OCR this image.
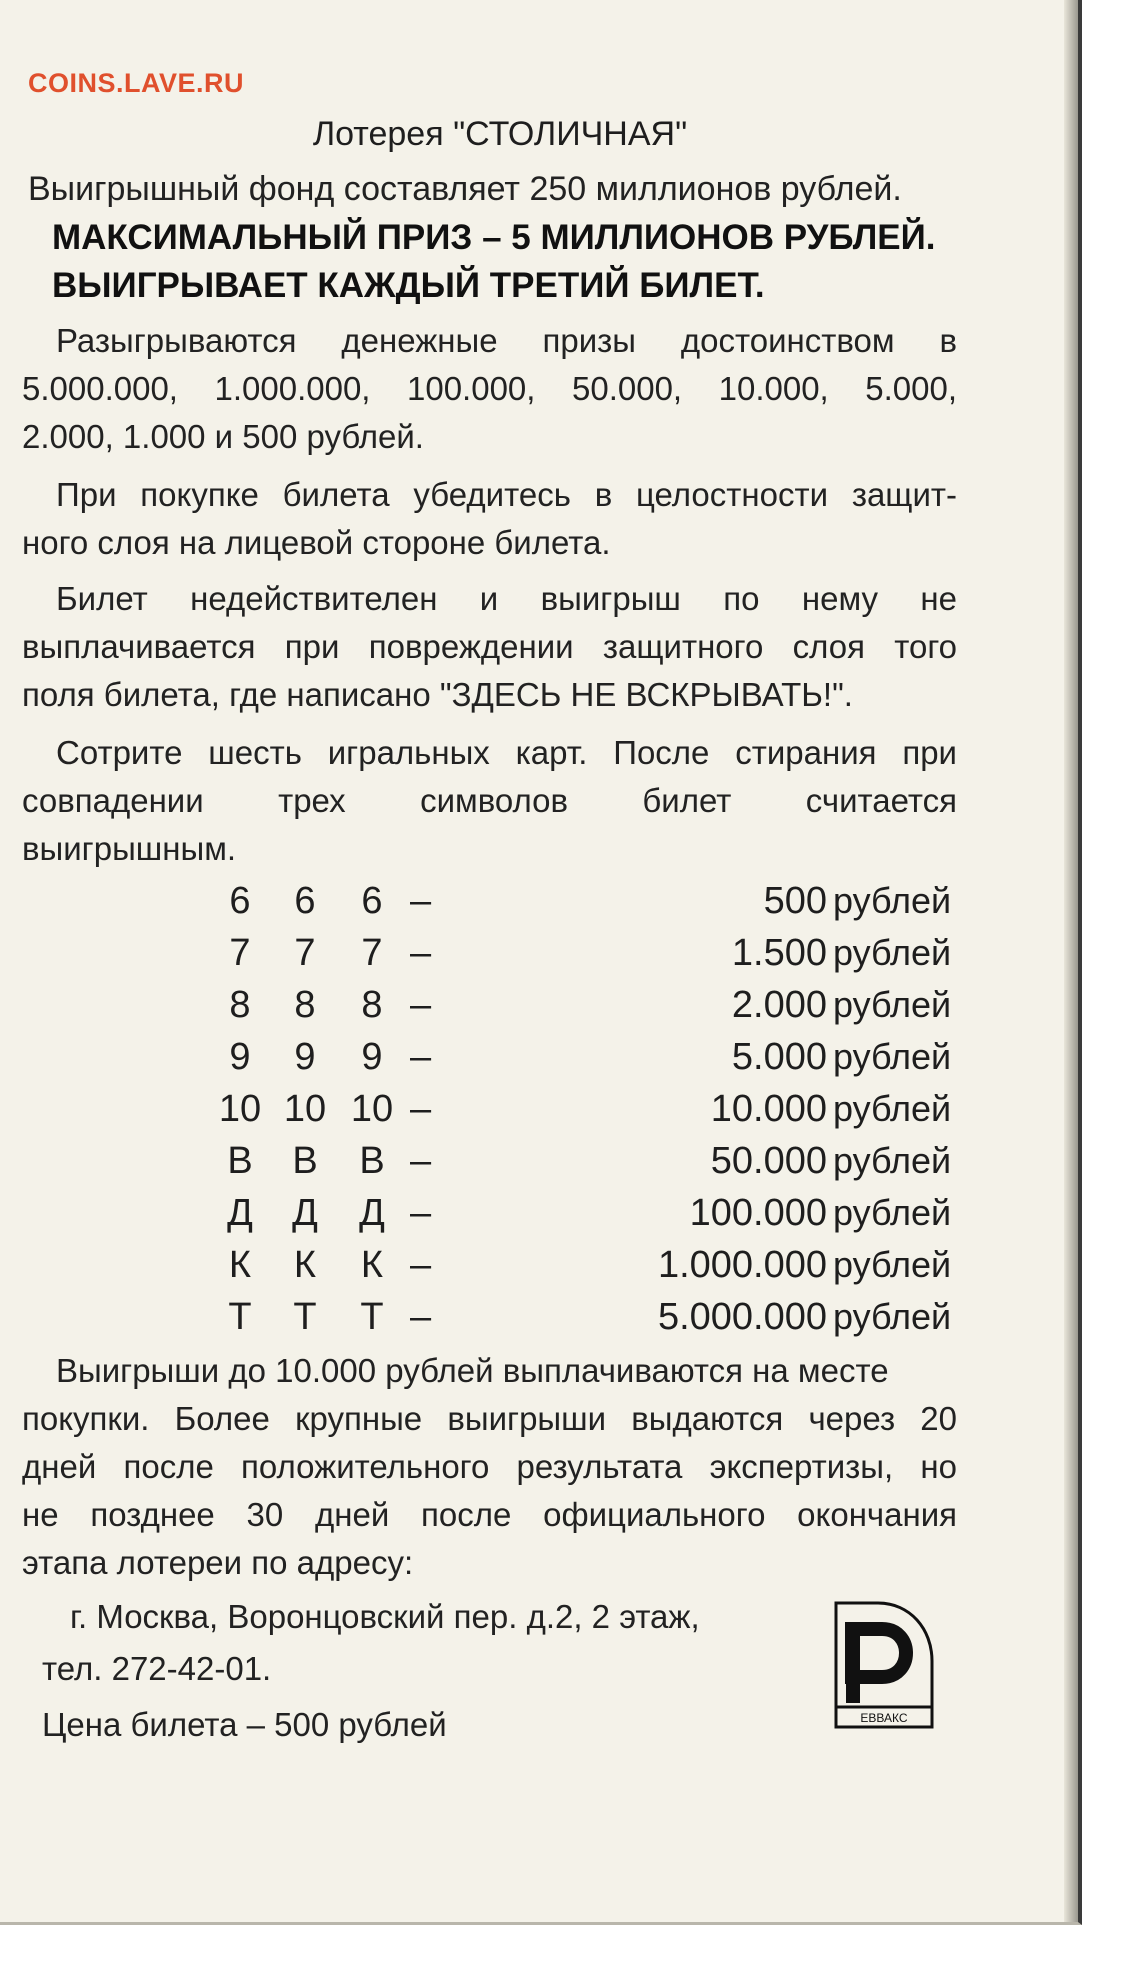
COINS.LAVE.RU
Лотерея "СТОЛИЧНАЯ"
Выигрышный фонд составляет 250 миллионов рублей.
МАКСИМАЛЬНЫЙ ПРИЗ – 5 МИЛЛИОНОВ РУБЛЕЙ.
ВЫИГРЫВАЕТ КАЖДЫЙ ТРЕТИЙ БИЛЕТ.
Разыгрываются денежные призы достоинством в
5.000.000, 1.000.000, 100.000, 50.000, 10.000, 5.000,
2.000, 1.000 и 500 рублей.
При покупке билета убедитесь в целостности защит-
ного слоя на лицевой стороне билета.
Билет недействителен и выигрыш по нему не
выплачивается при повреждении защитного слоя того
поля билета, где написано "ЗДЕСЬ НЕ ВСКРЫВАТЬ!".
Сотрите шесть игральных карт. После стирания при
совпадении трех символов билет считается
выигрышным.
6	6	6 –	500 рублей
7	7	7 –	1.500 рублей
8	8	8 –	2.000 рублей
9	9	9 –	5.000 рублей
10 10 10 –	10.000 рублей
В	В	В –	50.000 рублей
Д	Д	Д –	100.000 рублей
К	К	К –	1.000.000 рублей
Т	Т	Т –	5.000.000 рублей
Выигрыши до 10.000 рублей выплачиваются на месте
покупки. Более крупные выигрыши выдаются через 20
дней после положительного результата экспертизы, но
не позднее 30 дней после официального окончания
этапа лотереи по адресу:
г. Москва, Воронцовский пер. д.2, 2 этаж,
тел. 272-42-01.
Цена билета – 500 рублей	ЕВВАКС
